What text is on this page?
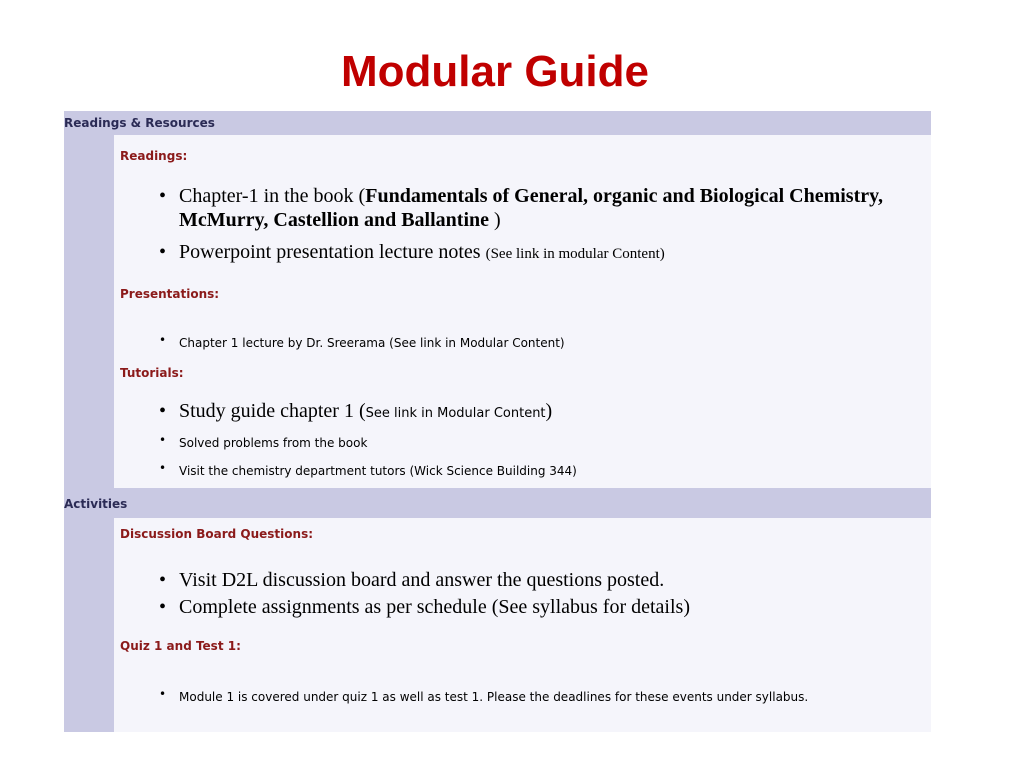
Modular Guide
Readings & Resources
Readings:
• Chapter-1 in the book (Fundamentals of General, organic and Biological Chemistry, McMurry, Castellion and Ballantine )
• Powerpoint presentation lecture notes (See link in modular Content)
Presentations:
• Chapter 1 lecture by Dr. Sreerama (See link in Modular Content)
Tutorials:
• Study guide chapter 1 (See link in Modular Content)
• Solved problems from the book
• Visit the chemistry department tutors (Wick Science Building 344)
Activities
Discussion Board Questions:
• Visit D2L discussion board and answer the questions posted.
• Complete assignments as per schedule (See syllabus for details)
Quiz 1 and Test 1:
• Module 1 is covered under quiz 1 as well as test 1. Please the deadlines for these events under syllabus.
